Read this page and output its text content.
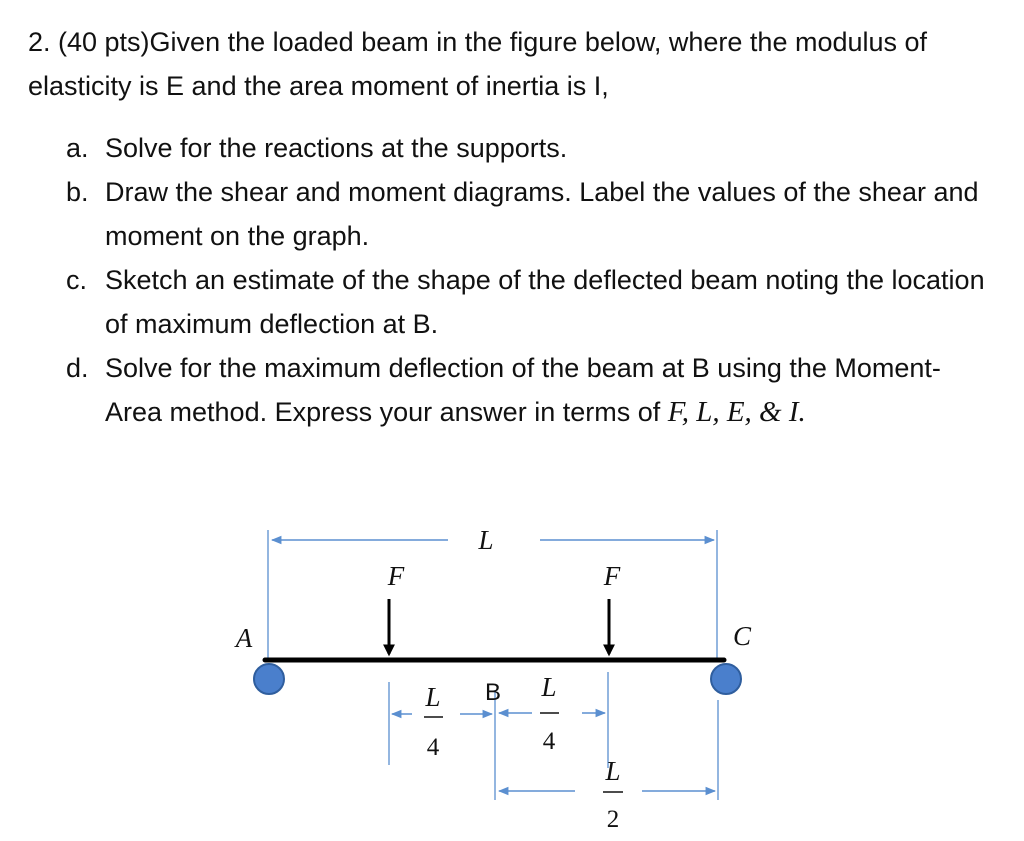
2. (40 pts)Given the loaded beam in the figure below, where the modulus of elasticity is E and the area moment of inertia is I,

a. Solve for the reactions at the supports.
b. Draw the shear and moment diagrams. Label the values of the shear and moment on the graph.
c. Sketch an estimate of the shape of the deflected beam noting the location of maximum deflection at B.
d. Solve for the maximum deflection of the beam at B using the Moment-Area method. Express your answer in terms of F, L, E, & I.
L
F	F
A	C
L
4
B L
4
L
2
